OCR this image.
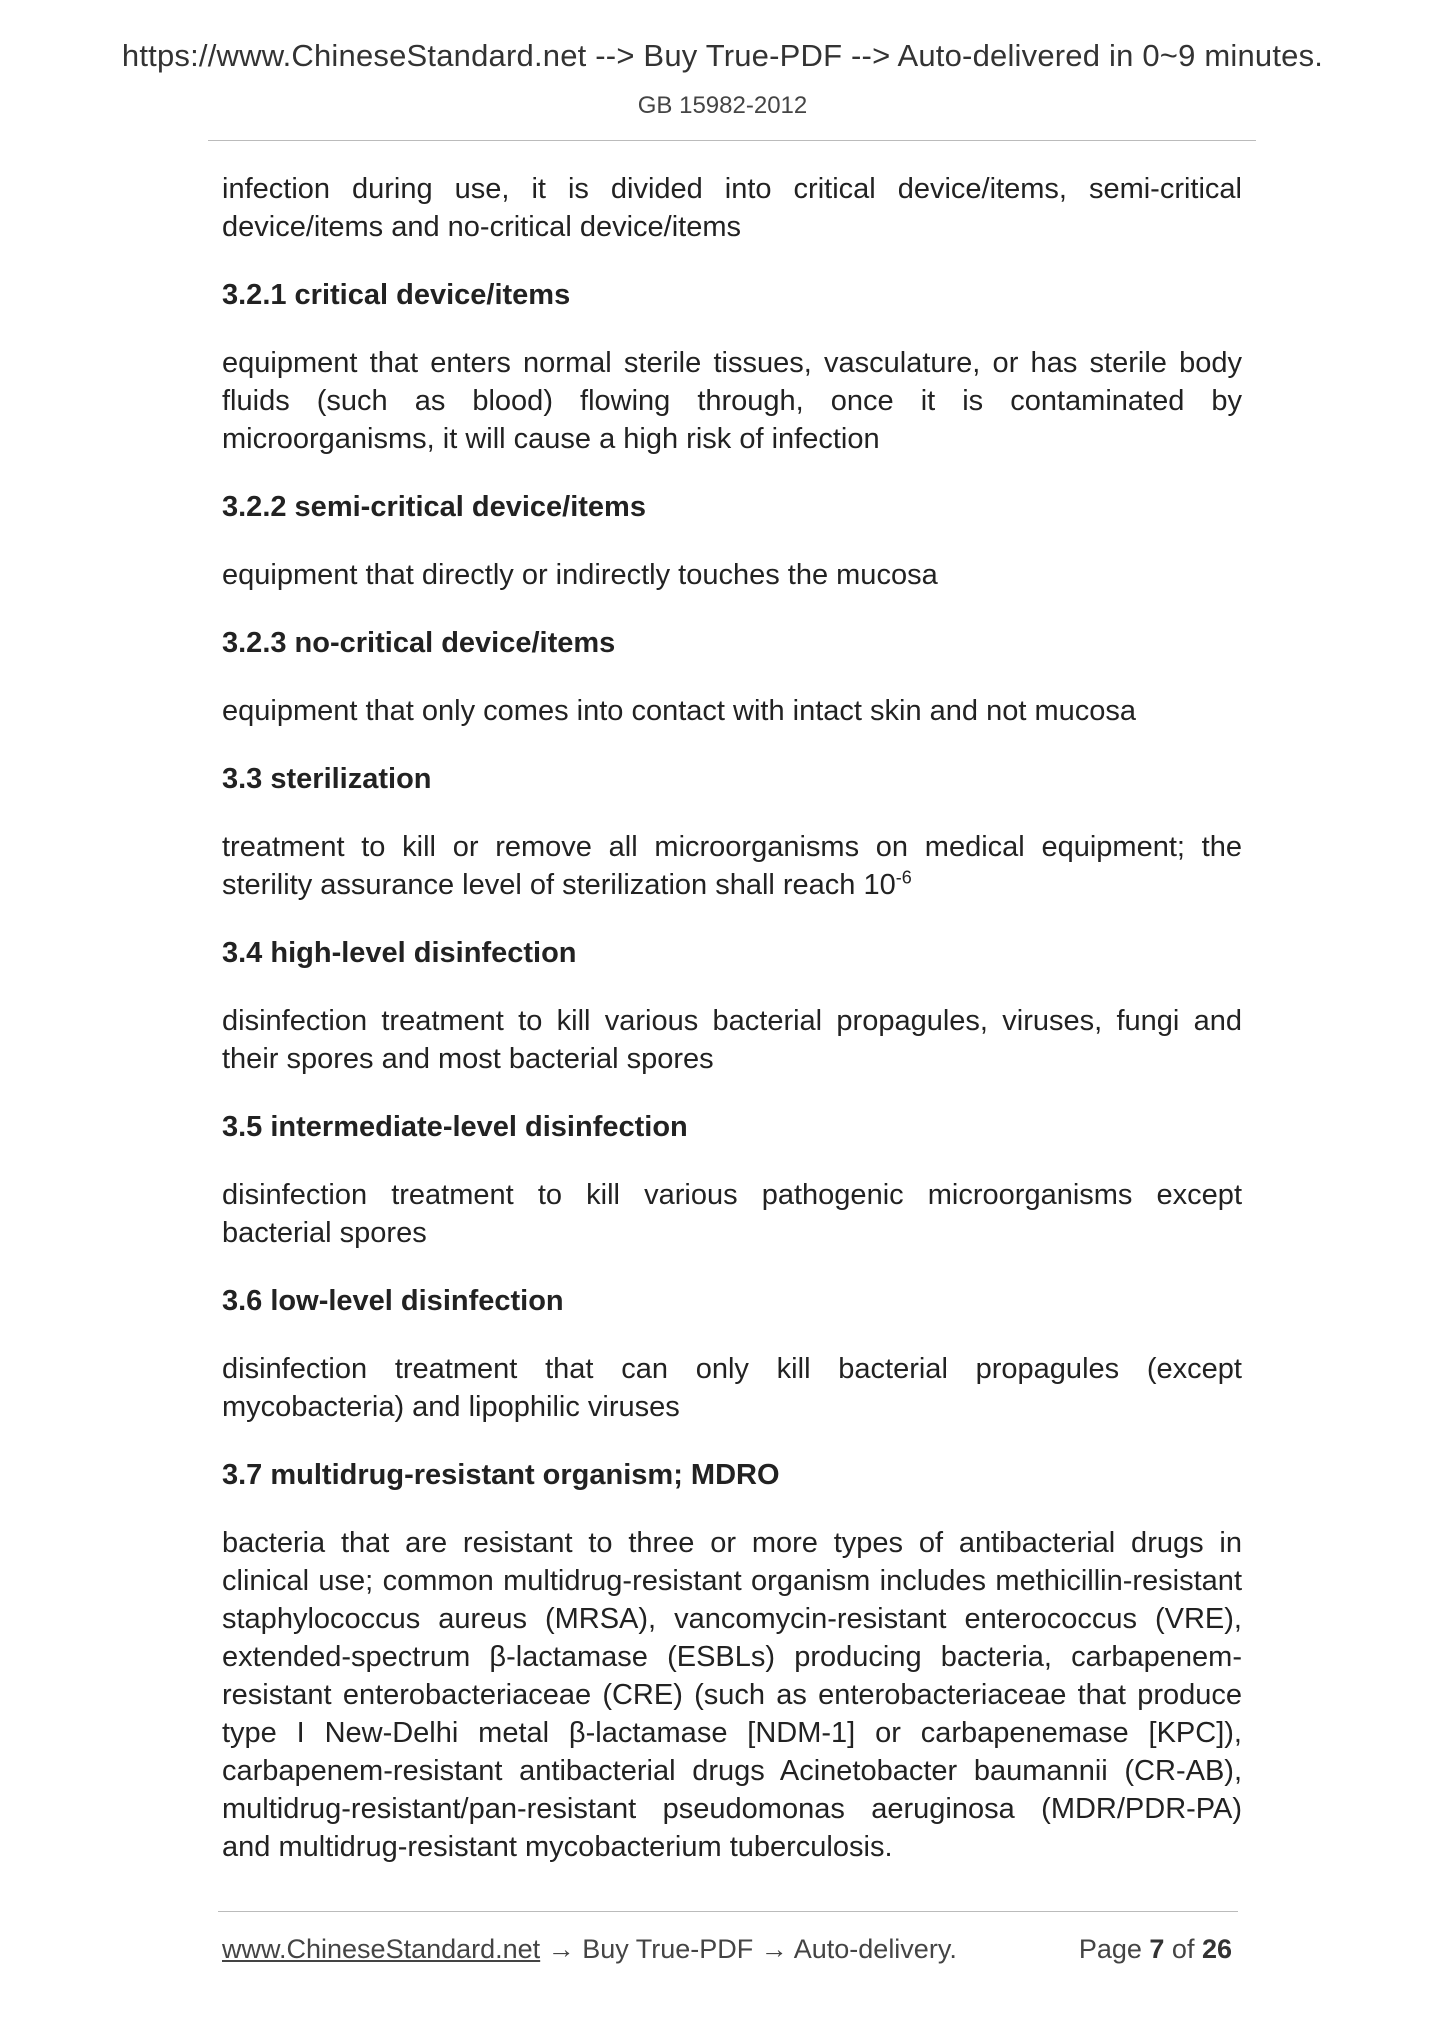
https://www.ChineseStandard.net --> Buy True-PDF --> Auto-delivered in 0~9 minutes.
GB 15982-2012

infection during use, it is divided into critical device/items, semi-critical device/items and no-critical device/items

3.2.1 critical device/items

equipment that enters normal sterile tissues, vasculature, or has sterile body fluids (such as blood) flowing through, once it is contaminated by microorganisms, it will cause a high risk of infection

3.2.2 semi-critical device/items

equipment that directly or indirectly touches the mucosa

3.2.3 no-critical device/items

equipment that only comes into contact with intact skin and not mucosa

3.3 sterilization

treatment to kill or remove all microorganisms on medical equipment; the sterility assurance level of sterilization shall reach $10^{-6}$

3.4 high-level disinfection

disinfection treatment to kill various bacterial propagules, viruses, fungi and their spores and most bacterial spores

3.5 intermediate-level disinfection

disinfection treatment to kill various pathogenic microorganisms except bacterial spores

3.6 low-level disinfection

disinfection treatment that can only kill bacterial propagules (except mycobacteria) and lipophilic viruses

3.7 multidrug-resistant organism; MDRO

bacteria that are resistant to three or more types of antibacterial drugs in clinical use; common multidrug-resistant organism includes methicillin-resistant staphylococcus aureus (MRSA), vancomycin-resistant enterococcus (VRE), extended-spectrum β-lactamase (ESBLs) producing bacteria, carbapenem-resistant enterobacteriaceae (CRE) (such as enterobacteriaceae that produce type I New-Delhi metal β-lactamase [NDM-1] or carbapenemase [KPC]), carbapenem-resistant antibacterial drugs Acinetobacter baumannii (CR-AB), multidrug-resistant/pan-resistant pseudomonas aeruginosa (MDR/PDR-PA) and multidrug-resistant mycobacterium tuberculosis.

www.ChineseStandard.net → Buy True-PDF → Auto-delivery.	Page 7 of 26
